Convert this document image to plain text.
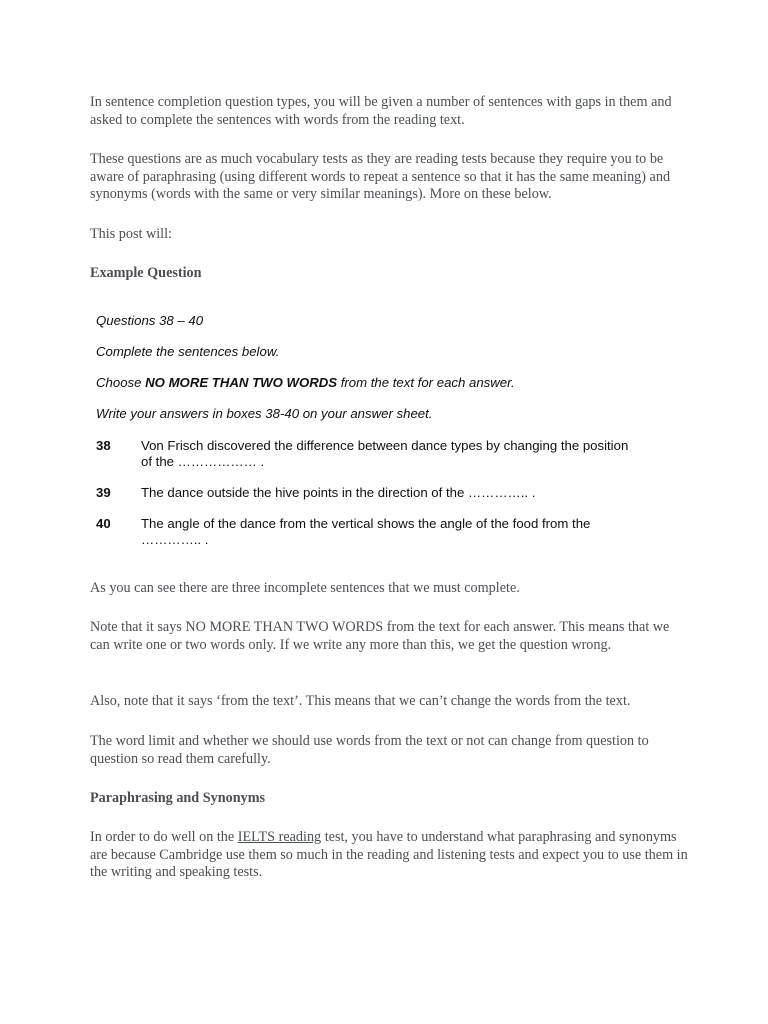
In sentence completion question types, you will be given a number of sentences with gaps in them and asked to complete the sentences with words from the reading text.

These questions are as much vocabulary tests as they are reading tests because they require you to be aware of paraphrasing (using different words to repeat a sentence so that it has the same meaning) and synonyms (words with the same or very similar meanings). More on these below.

This post will:

Example Question
Questions 38 – 40
Complete the sentences below.
Choose NO MORE THAN TWO WORDS from the text for each answer.
Write your answers in boxes 38-40 on your answer sheet.
38 Von Frisch discovered the difference between dance types by changing the position
of the ……………… .
39 The dance outside the hive points in the direction of the ………….. .
40 The angle of the dance from the vertical shows the angle of the food from the
………….. .

As you can see there are three incomplete sentences that we must complete.

Note that it says NO MORE THAN TWO WORDS from the text for each answer. This means that we can write one or two words only. If we write any more than this, we get the question wrong.

Also, note that it says ‘from the text’. This means that we can’t change the words from the text.

The word limit and whether we should use words from the text or not can change from question to question so read them carefully.

Paraphrasing and Synonyms

In order to do well on the IELTS reading test, you have to understand what paraphrasing and synonyms are because Cambridge use them so much in the reading and listening tests and expect you to use them in the writing and speaking tests.
